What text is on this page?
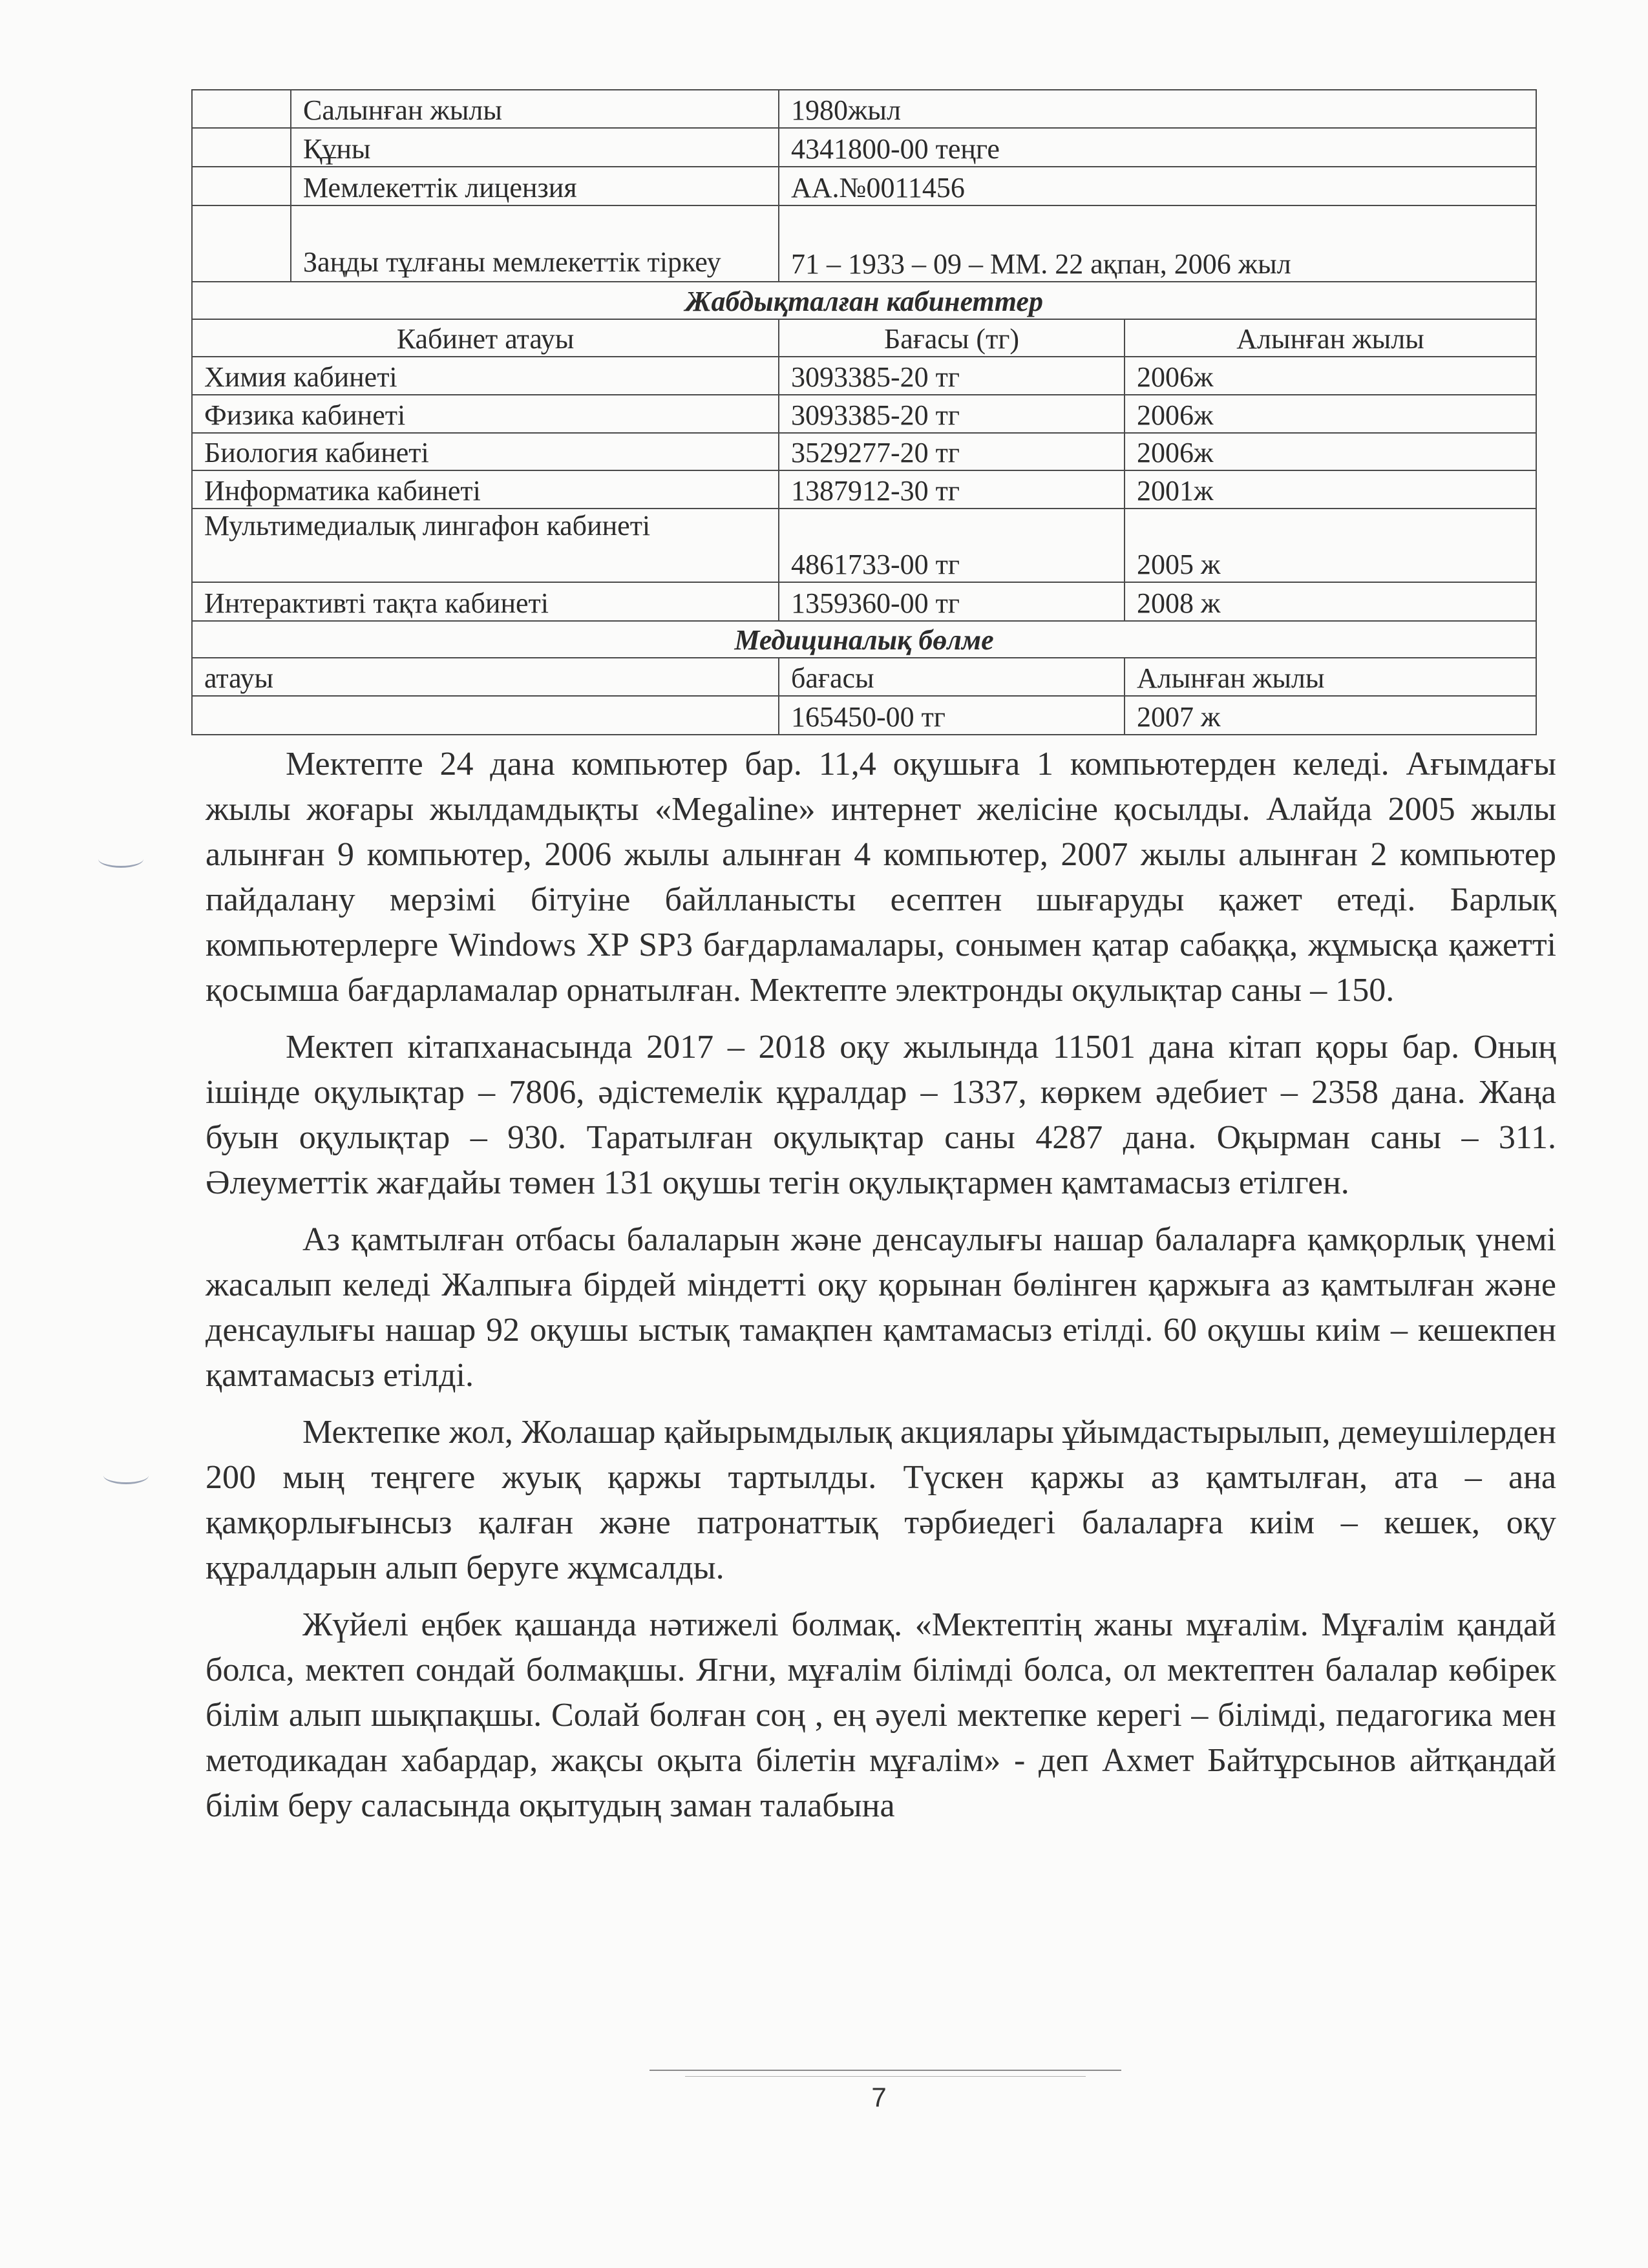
	Салынған жылы	1980жыл	
	Құны	4341800-00 теңге	
	Мемлекеттік лицензия	АА.№0011456	
	Заңды тұлғаны мемлекеттік тіркеу	71 – 1933 – 09 – ММ. 22 ақпан, 2006 жыл	
Жабдықталған кабинеттер			
Кабинет атауы		Бағасы (тг)	Алынған жылы
Химия кабинеті		3093385-20 тг	2006ж
Физика кабинеті		3093385-20 тг	2006ж
Биология кабинеті		3529277-20 тг	2006ж
Информатика кабинеті		1387912-30 тг	2001ж
Мультимедиалық лингафон кабинеті		4861733-00 тг	2005 ж
Интерактивті тақта кабинеті		1359360-00 тг	2008 ж
Медициналық бөлме			
атауы		бағасы	Алынған жылы
		165450-00 тг	2007 ж

Мектепте 24 дана компьютер бар. 11,4 оқушыға 1 компьютерден келеді. Ағымдағы жылы жоғары жылдамдықты «Megaline» интернет желісіне қосылды. Алайда 2005 жылы алынған 9 компьютер, 2006 жылы алынған 4 компьютер, 2007 жылы алынған 2 компьютер пайдалану мерзімі бітуіне байлланысты есептен шығаруды қажет етеді. Барлық компьютерлерге Windows XP SP3 бағдарламалары, сонымен қатар сабаққа, жұмысқа қажетті қосымша бағдарламалар орнатылған. Мектепте электронды оқулықтар саны – 150.

Мектеп кітапханасында 2017 – 2018 оқу жылында 11501 дана кітап қоры бар. Оның ішінде оқулықтар – 7806, әдістемелік құралдар – 1337, көркем әдебиет – 2358 дана. Жаңа буын оқулықтар – 930. Таратылған оқулықтар саны 4287 дана. Оқырман саны – 311. Әлеуметтік жағдайы төмен 131 оқушы тегін оқулықтармен қамтамасыз етілген.

Аз қамтылған отбасы балаларын және денсаулығы нашар балаларға қамқорлық үнемі жасалып келеді Жалпыға бірдей міндетті оқу қорынан бөлінген қаржыға аз қамтылған және денсаулығы нашар 92 оқушы ыстық тамақпен қамтамасыз етілді. 60 оқушы киім – кешекпен қамтамасыз етілді.

Мектепке жол, Жолашар қайырымдылық акциялары ұйымдастырылып, демеушілерден 200 мың теңгеге жуық қаржы тартылды. Түскен қаржы аз қамтылған, ата – ана қамқорлығынсыз қалған және патронаттық тәрбиедегі балаларға киім – кешек, оқу құралдарын алып беруге жұмсалды.

Жүйелі еңбек қашанда нәтижелі болмақ. «Мектептің жаны мұғалім. Мұғалім қандай болса, мектеп сондай болмақшы. Ягни, мұғалім білімді болса, ол мектептен балалар көбірек білім алып шықпақшы. Солай болған соң , ең әуелі мектепке керегі – білімді, педагогика мен методикадан хабардар, жақсы оқыта білетін мұғалім» - деп Ахмет Байтұрсынов айтқандай білім беру саласында оқытудың заман талабына

7
